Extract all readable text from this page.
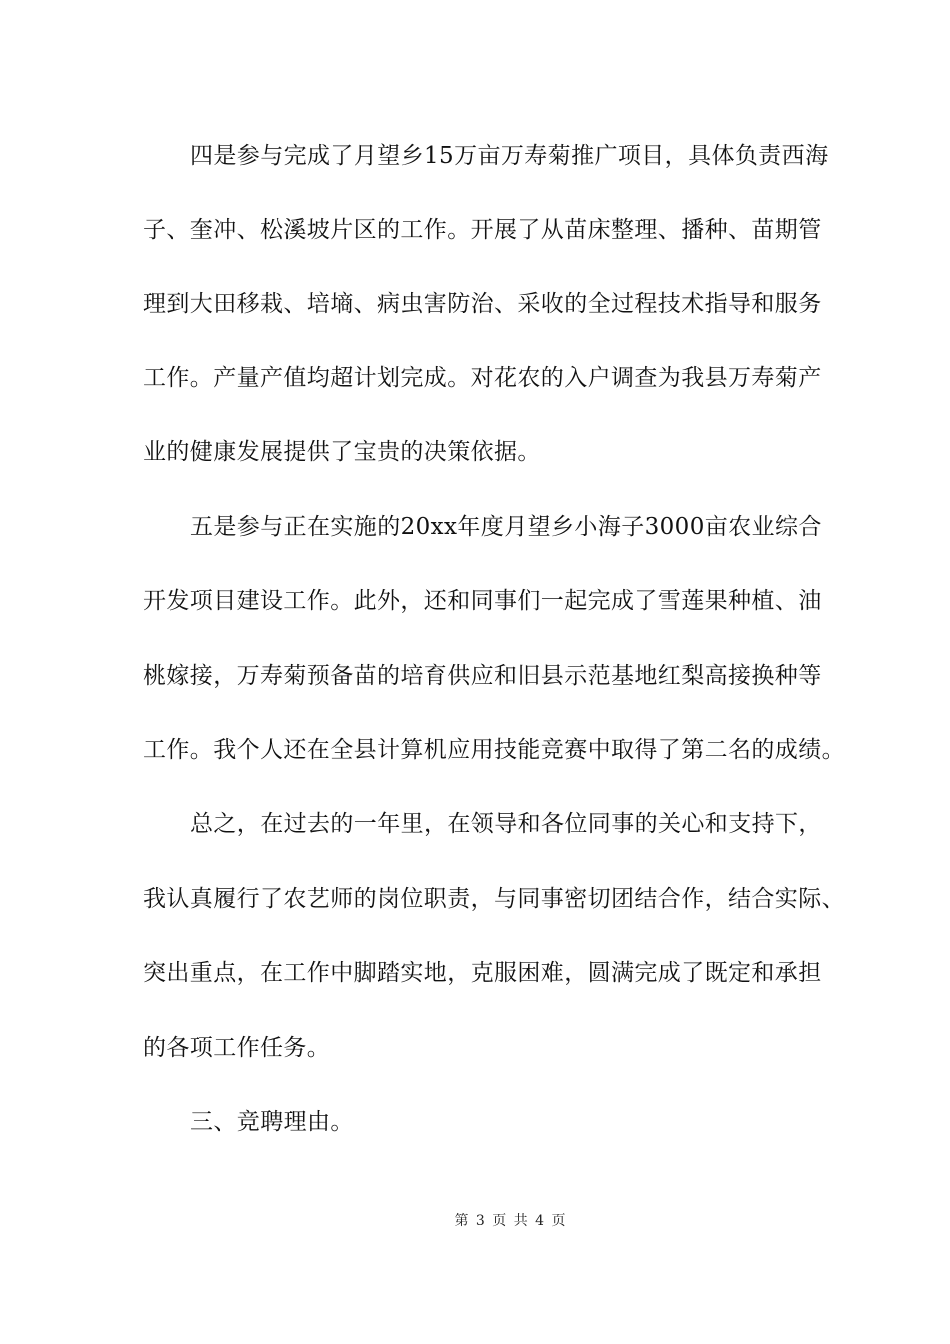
四是参与完成了月望乡15万亩万寿菊推广项目，具体负责西海
子、奎冲、松溪坡片区的工作。开展了从苗床整理、播种、苗期管
理到大田移栽、培墒、病虫害防治、采收的全过程技术指导和服务
工作。产量产值均超计划完成。对花农的入户调查为我县万寿菊产
业的健康发展提供了宝贵的决策依据。
五是参与正在实施的20xx年度月望乡小海子3000亩农业综合
开发项目建设工作。此外，还和同事们一起完成了雪莲果种植、油
桃嫁接，万寿菊预备苗的培育供应和旧县示范基地红梨高接换种等
工作。我个人还在全县计算机应用技能竞赛中取得了第二名的成绩。
总之，在过去的一年里，在领导和各位同事的关心和支持下，
我认真履行了农艺师的岗位职责，与同事密切团结合作，结合实际、
突出重点，在工作中脚踏实地，克服困难，圆满完成了既定和承担
的各项工作任务。
三、竞聘理由。
第 3 页 共 4 页
